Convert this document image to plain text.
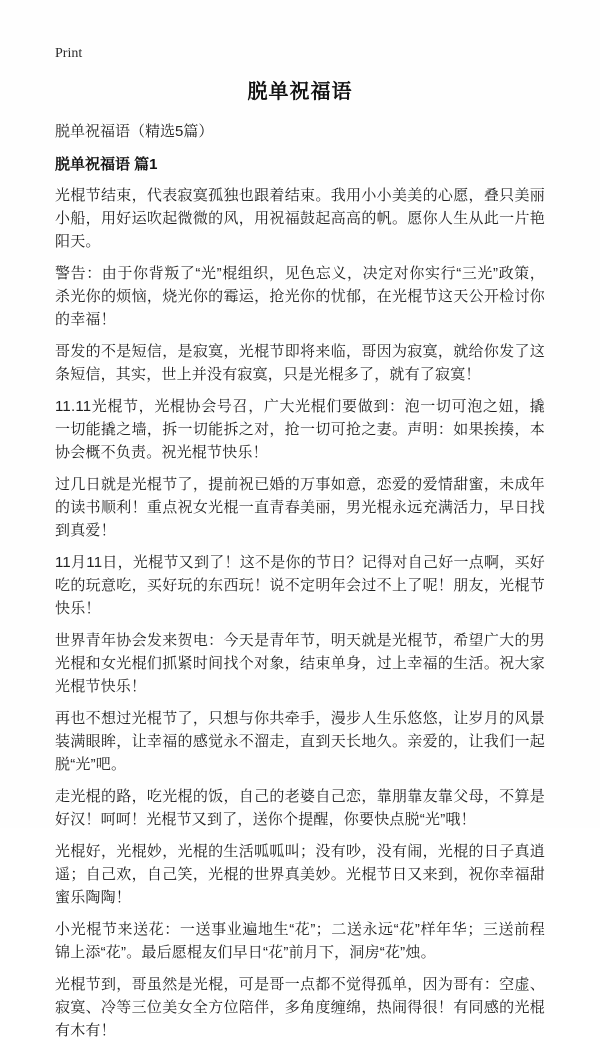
Print
脱单祝福语

脱单祝福语（精选5篇）

脱单祝福语 篇1

光棍节结束，代表寂寞孤独也跟着结束。我用小小美美的心愿，叠只美丽小船，用好运吹起微微的风，用祝福鼓起高高的帆。愿你人生从此一片艳阳天。

警告：由于你背叛了“光”棍组织，见色忘义，决定对你实行“三光”政策，杀光你的烦恼，烧光你的霉运，抢光你的忧郁，在光棍节这天公开检讨你的幸福！

哥发的不是短信，是寂寞，光棍节即将来临，哥因为寂寞，就给你发了这条短信，其实，世上并没有寂寞，只是光棍多了，就有了寂寞！

11.11光棍节，光棍协会号召，广大光棍们要做到：泡一切可泡之妞，撬一切能撬之墙，拆一切能拆之对，抢一切可抢之妻。声明：如果挨揍，本协会概不负责。祝光棍节快乐！

过几日就是光棍节了，提前祝已婚的万事如意，恋爱的爱情甜蜜，未成年的读书顺利！重点祝女光棍一直青春美丽，男光棍永远充满活力，早日找到真爱！

11月11日，光棍节又到了！这不是你的节日？记得对自己好一点啊，买好吃的玩意吃，买好玩的东西玩！说不定明年会过不上了呢！朋友，光棍节快乐！

世界青年协会发来贺电：今天是青年节，明天就是光棍节，希望广大的男光棍和女光棍们抓紧时间找个对象，结束单身，过上幸福的生活。祝大家光棍节快乐！

再也不想过光棍节了，只想与你共牵手，漫步人生乐悠悠，让岁月的风景装满眼眸，让幸福的感觉永不溜走，直到天长地久。亲爱的，让我们一起脱“光”吧。

走光棍的路，吃光棍的饭，自己的老婆自己恋，靠朋靠友靠父母，不算是好汉！呵呵！光棍节又到了，送你个提醒，你要快点脱“光”哦！

光棍好，光棍妙，光棍的生活呱呱叫；没有吵，没有闹，光棍的日子真逍遥；自己欢，自己笑，光棍的世界真美妙。光棍节日又来到，祝你幸福甜蜜乐陶陶！

小光棍节来送花：一送事业遍地生“花”；二送永远“花”样年华；三送前程锦上添“花”。最后愿棍友们早日“花”前月下，洞房“花”烛。

光棍节到，哥虽然是光棍，可是哥一点都不觉得孤单，因为哥有：空虚、寂寞、冷等三位美女全方位陪伴，多角度缠绵，热闹得很！有同感的光棍有木有！
